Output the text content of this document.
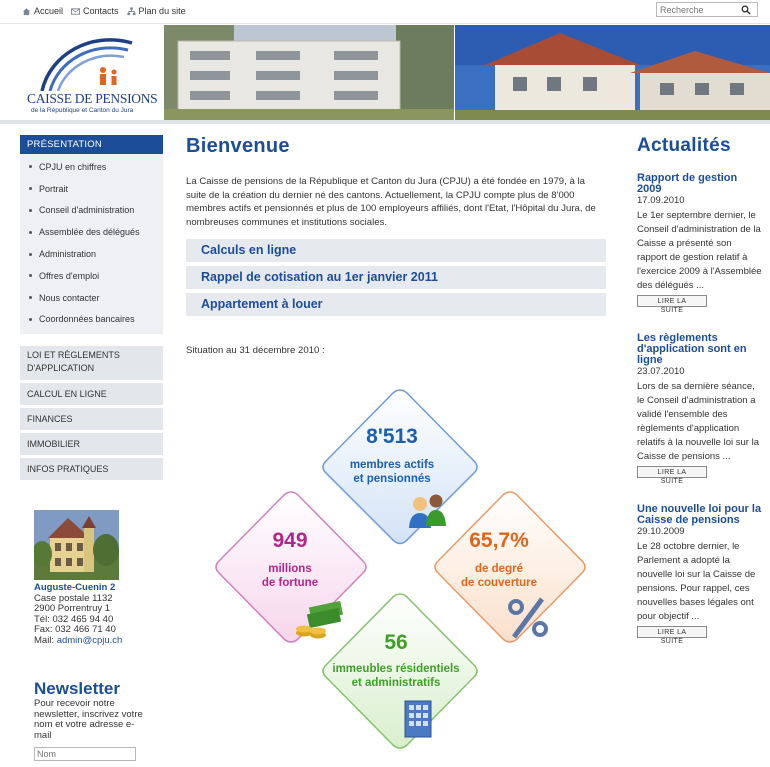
Accueil Contacts Plan du site
Recherche
CAISSE DE PENSIONS
de la République et Canton du Jura
PRÉSENTATION
CPJU en chiffres
Portrait
Conseil d'administration
Assemblée des délégués
Administration
Offres d'emploi
Nous contacter
Coordonnées bancaires
LOI ET RÈGLEMENTS D'APPLICATION
CALCUL EN LIGNE
FINANCES
IMMOBILIER
INFOS PRATIQUES
Auguste-Cuenin 2
Case postale 1132
2900 Porrentruy 1
Tél: 032 465 94 40
Fax: 032 466 71 40
Mail: admin@cpju.ch
Newsletter

Pour recevoir notre newsletter, inscrivez votre nom et votre adresse e-mail

Nom
Bienvenue

La Caisse de pensions de la République et Canton du Jura (CPJU) a été fondée en 1979, à la suite de la création du dernier né des cantons. Actuellement, la CPJU compte plus de 8'000 membres actifs et pensionnés et plus de 100 employeurs affiliés, dont l'Etat, l'Hôpital du Jura, de nombreuses communes et institutions sociales.

Calculs en ligne
Rappel de cotisation au 1er janvier 2011
Appartement à louer

Situation au 31 décembre 2010 :

8'513
membres actifs
et pensionnés
949
millions
de fortune
65,7%
de degré
de couverture
56
immeubles résidentiels
et administratifs
Actualités
Rapport de gestion 2009
17.09.2010
Le 1er septembre dernier, le Conseil d'administration de la Caisse a présenté son rapport de gestion relatif à l'exercice 2009 à l'Assemblée des délégués ...
LIRE LA SUITE
Les règlements d'application sont en ligne
23.07.2010
Lors de sa dernière séance, le Conseil d'administration a validé l'ensemble des règlements d'application relatifs à la nouvelle loi sur la Caisse de pensions ...
LIRE LA SUITE
Une nouvelle loi pour la Caisse de pensions
29.10.2009
Le 28 octobre dernier, le Parlement a adopté la nouvelle loi sur la Caisse de pensions. Pour rappel, ces nouvelles bases légales ont pour objectif ...
LIRE LA SUITE
